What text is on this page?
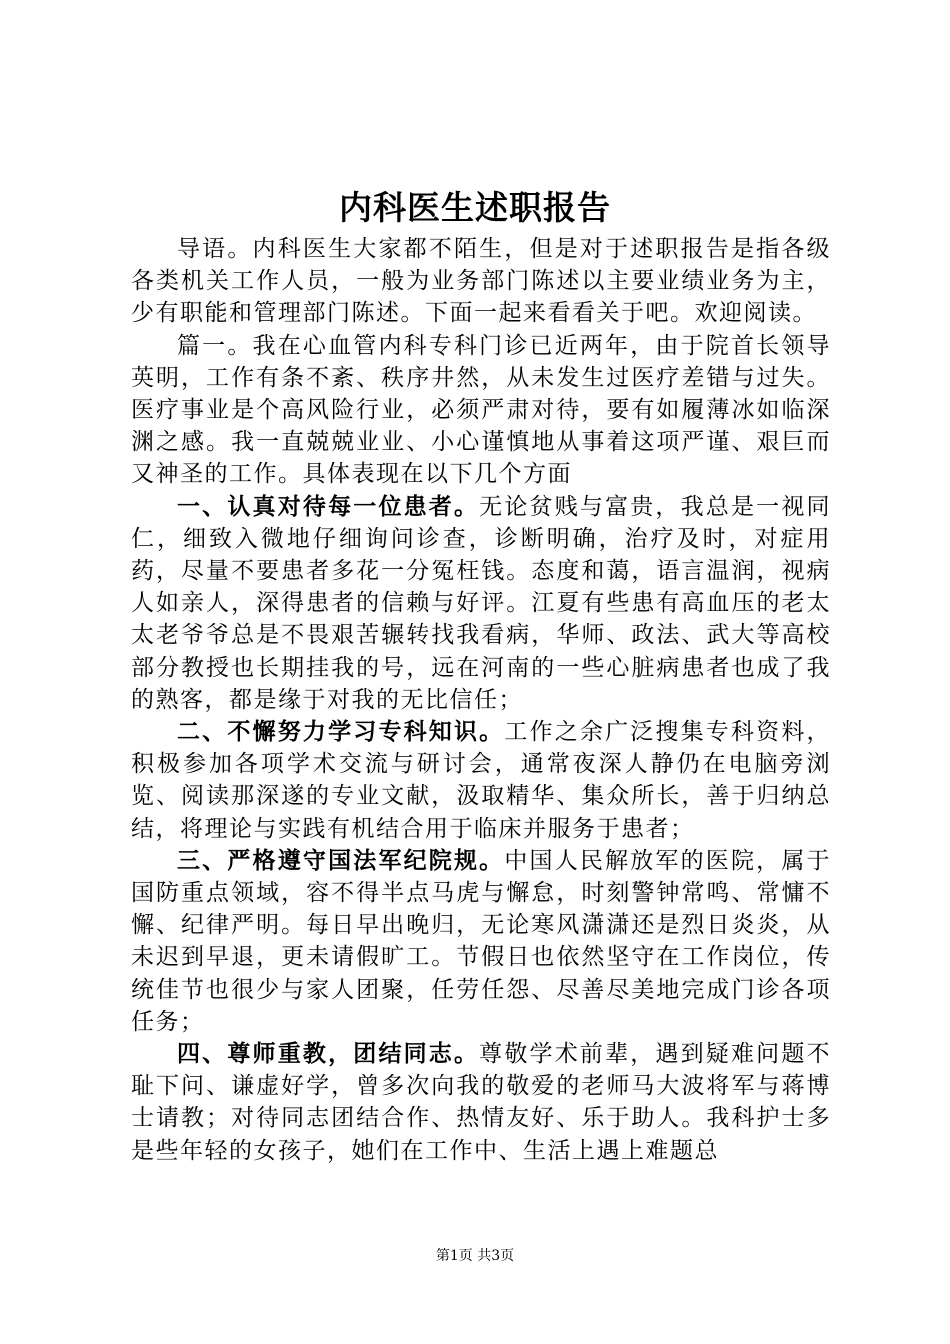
内科医生述职报告

导语。内科医生大家都不陌生，但是对于述职报告是指各级各类机关工作人员，一般为业务部门陈述以主要业绩业务为主，少有职能和管理部门陈述。下面一起来看看关于吧。欢迎阅读。

篇一。我在心血管内科专科门诊已近两年，由于院首长领导英明，工作有条不紊、秩序井然，从未发生过医疗差错与过失。医疗事业是个高风险行业，必须严肃对待，要有如履薄冰如临深渊之感。我一直兢兢业业、小心谨慎地从事着这项严谨、艰巨而又神圣的工作。具体表现在以下几个方面

一、认真对待每一位患者。无论贫贱与富贵，我总是一视同仁，细致入微地仔细询问诊查，诊断明确，治疗及时，对症用药，尽量不要患者多花一分冤枉钱。态度和蔼，语言温润，视病人如亲人，深得患者的信赖与好评。江夏有些患有高血压的老太太老爷爷总是不畏艰苦辗转找我看病，华师、政法、武大等高校部分教授也长期挂我的号，远在河南的一些心脏病患者也成了我的熟客，都是缘于对我的无比信任；

二、不懈努力学习专科知识。工作之余广泛搜集专科资料，积极参加各项学术交流与研讨会，通常夜深人静仍在电脑旁浏览、阅读那深遂的专业文献，汲取精华、集众所长，善于归纳总结，将理论与实践有机结合用于临床并服务于患者；

三、严格遵守国法军纪院规。中国人民解放军的医院，属于国防重点领域，容不得半点马虎与懈怠，时刻警钟常鸣、常慵不懈、纪律严明。每日早出晚归，无论寒风潇潇还是烈日炎炎，从未迟到早退，更未请假旷工。节假日也依然坚守在工作岗位，传统佳节也很少与家人团聚，任劳任怨、尽善尽美地完成门诊各项任务；

四、尊师重教，团结同志。尊敬学术前辈，遇到疑难问题不耻下问、谦虚好学，曾多次向我的敬爱的老师马大波将军与蒋博士请教；对待同志团结合作、热情友好、乐于助人。我科护士多是些年轻的女孩子，她们在工作中、生活上遇上难题总

第1页 共3页
